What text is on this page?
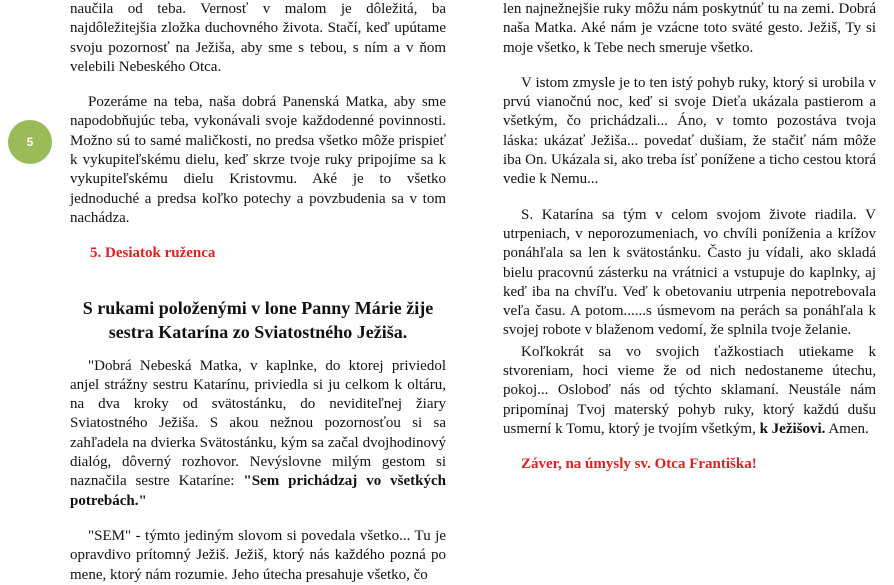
5

naučila od teba. Vernosť v malom je dôležitá, ba najdôležitejšia zložka duchovného života. Stačí, keď upútame svoju pozornosť na Ježiša, aby sme s tebou, s ním a v ňom velebili Nebeského Otca.

Pozeráme na teba, naša dobrá Panenská Matka, aby sme napodobňujúc teba, vykonávali svoje každodenné povinnosti. Možno sú to samé maličkosti, no predsa všetko môže prispieť k vykupiteľskému dielu, keď skrze tvoje ruky pripojíme sa k vykupiteľskému dielu Kristovmu. Aké je to všetko jednoduché a predsa koľko potechy a povzbudenia sa v tom nachádza.

5. Desiatok ruženca

S rukami položenými v lone Panny Márie žije sestra Katarína zo Sviatostného Ježiša.

"Dobrá Nebeská Matka, v kaplnke, do ktorej priviedol anjel strážny sestru Katarínu, priviedla si ju celkom k oltáru, na dva kroky od svätostánku, do neviditeľnej žiary Sviatostného Ježiša. S akou nežnou pozornosťou si sa zahľadela na dvierka Svätostánku, kým sa začal dvojhodinový dialóg, dôverný rozhovor. Nevýslovne milým gestom si naznačila sestre Kataríne: "Sem prichádzaj vo všetkých potrebách."

"SEM" - týmto jediným slovom si povedala všetko... Tu je opravdivo prítomný Ježiš. Ježiš, ktorý nás každého pozná po mene, ktorý nám rozumie. Jeho útecha presahuje všetko, čo

len najnežnejšie ruky môžu nám poskytnúť tu na zemi. Dobrá naša Matka. Aké nám je vzácne toto sväté gesto. Ježiš, Ty si moje všetko, k Tebe nech smeruje všetko.

V istom zmysle je to ten istý pohyb ruky, ktorý si urobila v prvú vianočnú noc, keď si svoje Dieťa ukázala pastierom a všetkým, čo prichádzali... Áno, v tomto pozostáva tvoja láska: ukázať Ježiša... povedať dušiam, že stačiť nám môže iba On. Ukázala si, ako treba ísť ponížene a ticho cestou ktorá vedie k Nemu...

S. Katarína sa tým v celom svojom živote riadila. V utrpeniach, v neporozumeniach, vo chvíli poníženia a krížov ponáhľala sa len k svätostánku. Často ju vídali, ako skladá bielu pracovnú zásterku na vrátnici a vstupuje do kaplnky, aj keď iba na chvíľu. Veď k obetovaniu utrpenia nepotrebovala veľa času. A potom......s úsmevom na perách sa ponáhľala k svojej robote v blaženom vedomí, že splnila tvoje želanie.

Koľkokrát sa vo svojich ťažkostiach utiekame k stvoreniam, hoci vieme že od nich nedostaneme útechu, pokoj... Osloboď nás od týchto sklamaní. Neustále nám pripomínaj Tvoj materský pohyb ruky, ktorý každú dušu usmerní k Tomu, ktorý je tvojím všetkým, k Ježišovi. Amen.

Záver, na úmysly sv. Otca Františka!
